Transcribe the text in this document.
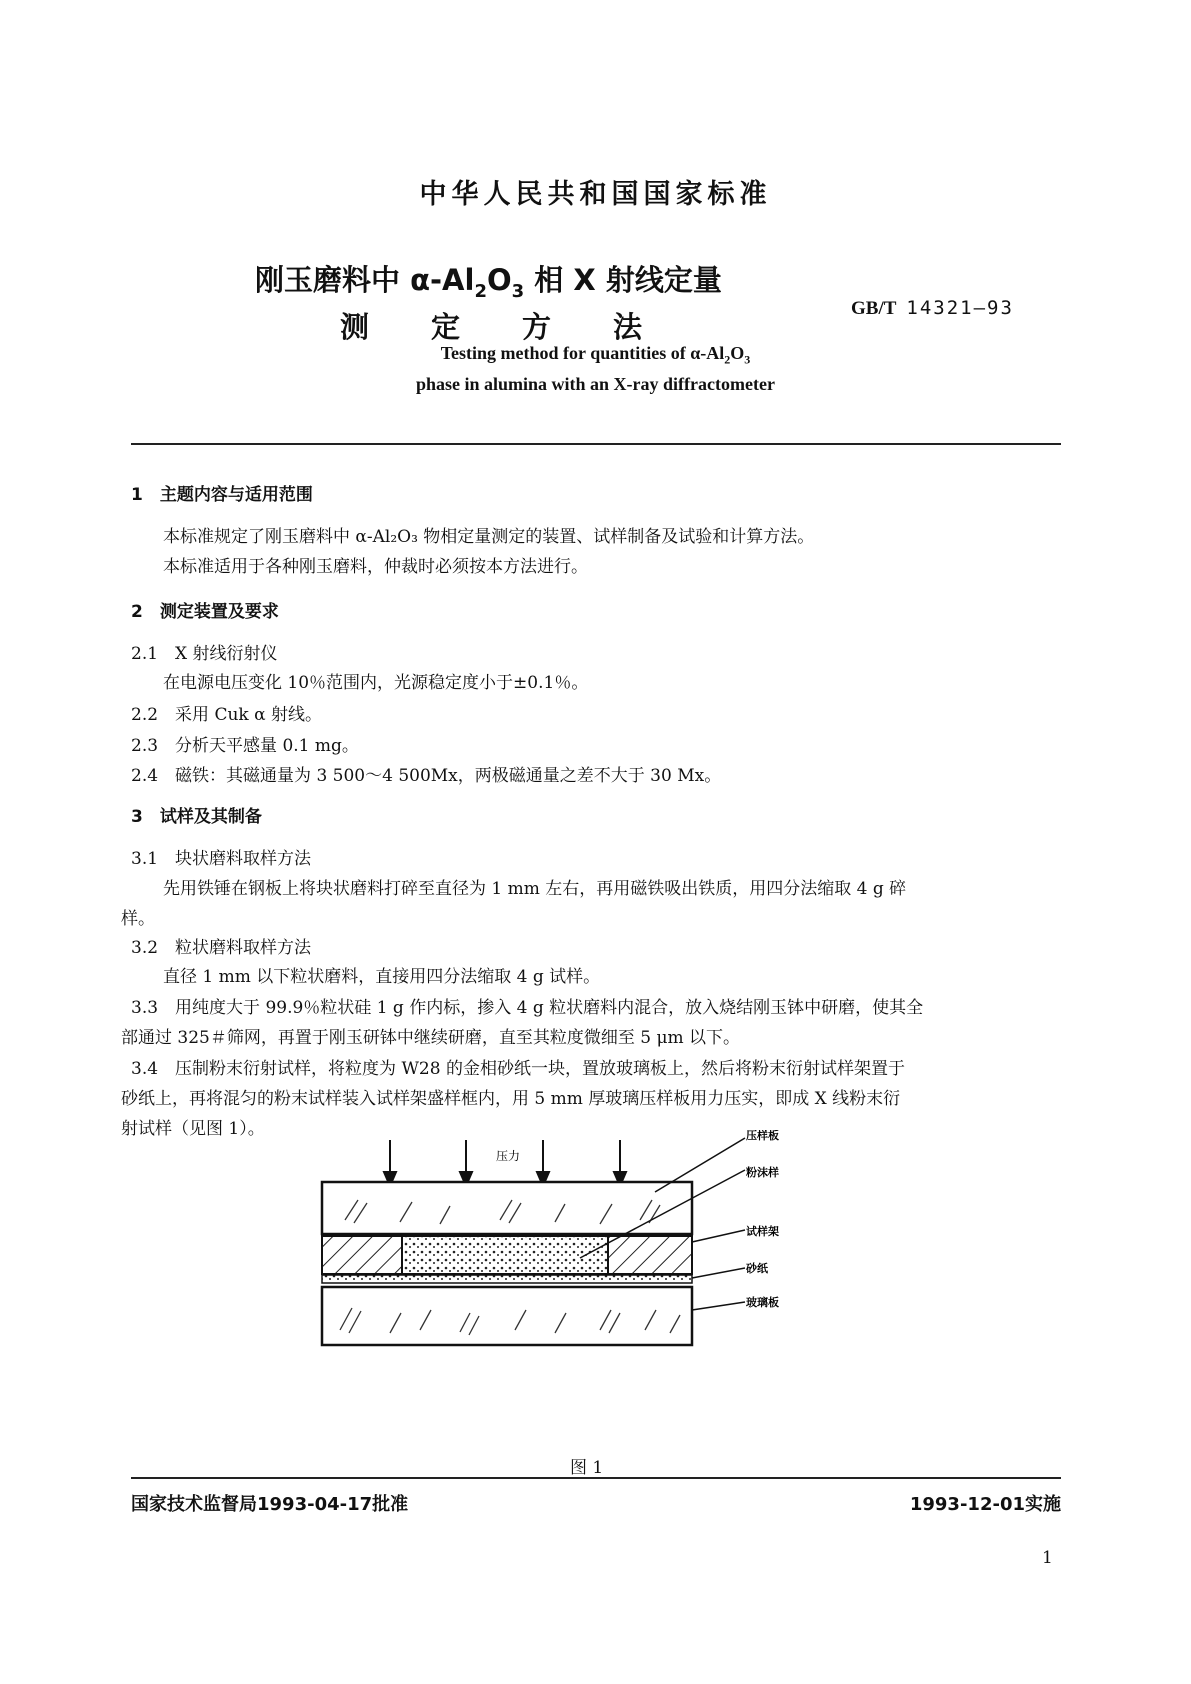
中华人民共和国国家标准
刚玉磨料中 $\alpha-Al_2O_3$ 相 X 射线定量
测定方法
GB/T 14321—93
Testing method for quantities of $\alpha-Al_2O_3$
phase in alumina with an X-ray diffractometer
1　主题内容与适用范围
本标准规定了刚玉磨料中 α-Al₂O₃ 物相定量测定的装置、试样制备及试验和计算方法。
本标准适用于各种刚玉磨料，仲裁时必须按本方法进行。
2　测定装置及要求
2.1　X 射线衍射仪
在电源电压变化 10％范围内，光源稳定度小于±0.1％。
2.2　采用 Cuk α 射线。
2.3　分析天平感量 0.1 mg。
2.4　磁铁：其磁通量为 3 500～4 500Mx，两极磁通量之差不大于 30 Mx。
3　试样及其制备
3.1　块状磨料取样方法
先用铁锤在钢板上将块状磨料打碎至直径为 1 mm 左右，再用磁铁吸出铁质，用四分法缩取 4 g 碎
样。
3.2　粒状磨料取样方法
直径 1 mm 以下粒状磨料，直接用四分法缩取 4 g 试样。
3.3　用纯度大于 99.9％粒状硅 1 g 作内标，掺入 4 g 粒状磨料内混合，放入烧结刚玉钵中研磨，使其全
部通过 325＃筛网，再置于刚玉研钵中继续研磨，直至其粒度微细至 5 μm 以下。
3.4　压制粉末衍射试样，将粒度为 W28 的金相砂纸一块，置放玻璃板上，然后将粉末衍射试样架置于
砂纸上，再将混匀的粉末试样装入试样架盛样框内，用 5 mm 厚玻璃压样板用力压实，即成 X 线粉末衍
射试样（见图 1）。
压力
压样板
粉沫样
试样架
砂纸
玻璃板
图 1
国家技术监督局1993-04-17批准	1993-12-01实施
1
